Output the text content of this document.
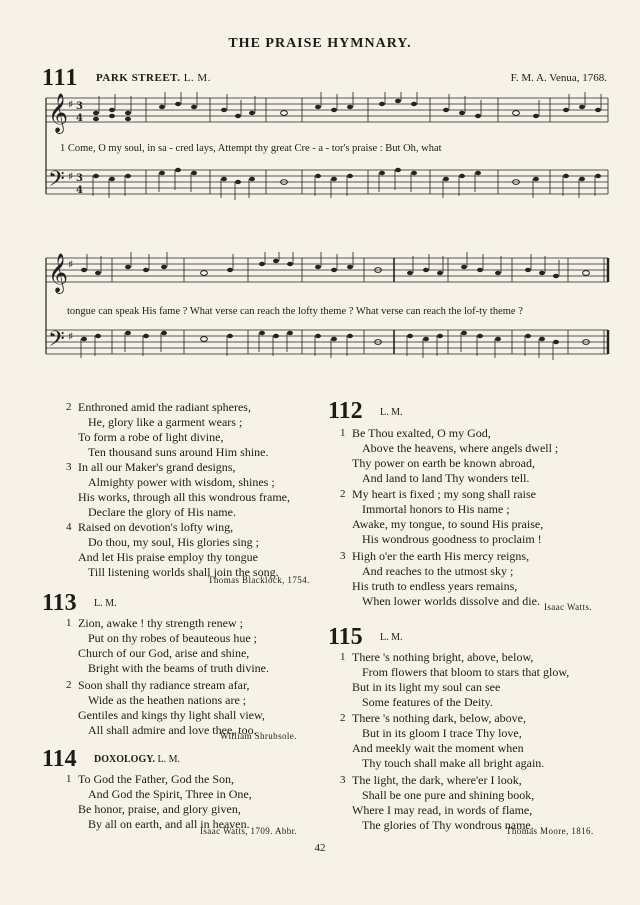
THE PRAISE HYMNARY.
111 PARK STREET. L. M.	F. M. A. Venua, 1768.
𝄞
𝄢
♯
♯
3
4
3
4
1 Come, O my soul, in sa - cred lays, Attempt thy great Cre - a - tor's praise : But Oh, what
𝄞
𝄢
♯
♯
tongue can speak His fame ? What verse can reach the lofty theme ? What verse can reach the lof-ty theme ?
2 Enthroned amid the radiant spheres,
He, glory like a garment wears ;
To form a robe of light divine,
Ten thousand suns around Him shine.
3 In all our Maker's grand designs,
Almighty power with wisdom, shines ;
His works, through all this wondrous frame,
Declare the glory of His name.
4 Raised on devotion's lofty wing,
Do thou, my soul, His glories sing ;
And let His praise employ thy tongue
Till listening worlds shall join the song.
Thomas Blacklock, 1754.
113 L. M.
1 Zion, awake ! thy strength renew ;
Put on thy robes of beauteous hue ;
Church of our God, arise and shine,
Bright with the beams of truth divine.
2 Soon shall thy radiance stream afar,
Wide as the heathen nations are ;
Gentiles and kings thy light shall view,
All shall admire and love thee, too.
William Shrubsole.
114 DOXOLOGY. L. M.
1 To God the Father, God the Son,
And God the Spirit, Three in One,
Be honor, praise, and glory given,
By all on earth, and all in heaven.
Isaac Watts, 1709. Abbr.
112 L. M.
1 Be Thou exalted, O my God,
Above the heavens, where angels dwell ;
Thy power on earth be known abroad,
And land to land Thy wonders tell.
2 My heart is fixed ; my song shall raise
Immortal honors to His name ;
Awake, my tongue, to sound His praise,
His wondrous goodness to proclaim !
3 High o'er the earth His mercy reigns,
And reaches to the utmost sky ;
His truth to endless years remains,
When lower worlds dissolve and die. Isaac Watts.
115 L. M.
1 There 's nothing bright, above, below,
From flowers that bloom to stars that glow,
But in its light my soul can see
Some features of the Deity.
2 There 's nothing dark, below, above,
But in its gloom I trace Thy love,
And meekly wait the moment when
Thy touch shall make all bright again.
3 The light, the dark, where'er I look,
Shall be one pure and shining book,
Where I may read, in words of flame,
The glories of Thy wondrous name.
Thomas Moore, 1816.
42
